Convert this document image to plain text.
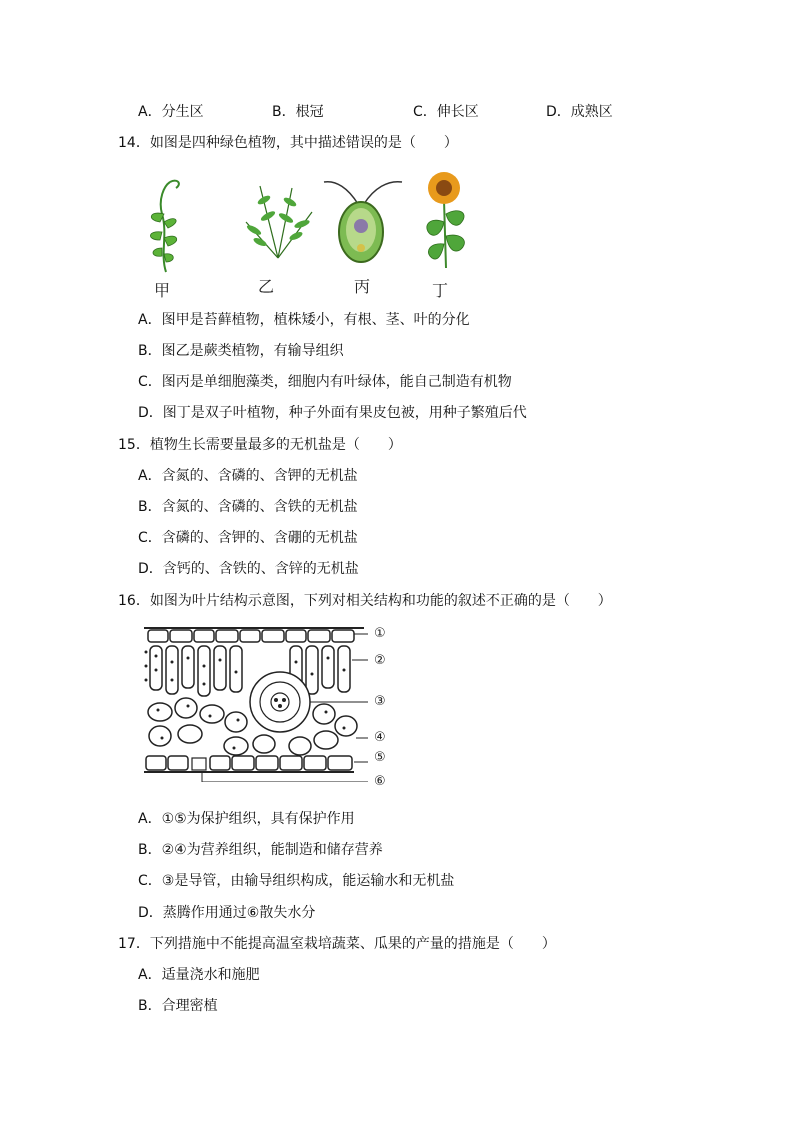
A．分生区	B．根冠	C．伸长区	D．成熟区
14．如图是四种绿色植物，其中描述错误的是（　　）
甲	乙	丙	丁
A．图甲是苔藓植物，植株矮小，有根、茎、叶的分化
B．图乙是蕨类植物，有输导组织
C．图丙是单细胞藻类，细胞内有叶绿体，能自己制造有机物
D．图丁是双子叶植物，种子外面有果皮包被，用种子繁殖后代
15．植物生长需要量最多的无机盐是（　　）
A．含氮的、含磷的、含钾的无机盐
B．含氮的、含磷的、含铁的无机盐
C．含磷的、含钾的、含硼的无机盐
D．含钙的、含铁的、含锌的无机盐
16．如图为叶片结构示意图，下列对相关结构和功能的叙述不正确的是（　　）
①
②
③
④
⑤
⑥
A．①⑤为保护组织，具有保护作用
B．②④为营养组织，能制造和储存营养
C．③是导管，由输导组织构成，能运输水和无机盐
D．蒸腾作用通过⑥散失水分
17．下列措施中不能提高温室栽培蔬菜、瓜果的产量的措施是（　　）
A．适量浇水和施肥
B．合理密植
